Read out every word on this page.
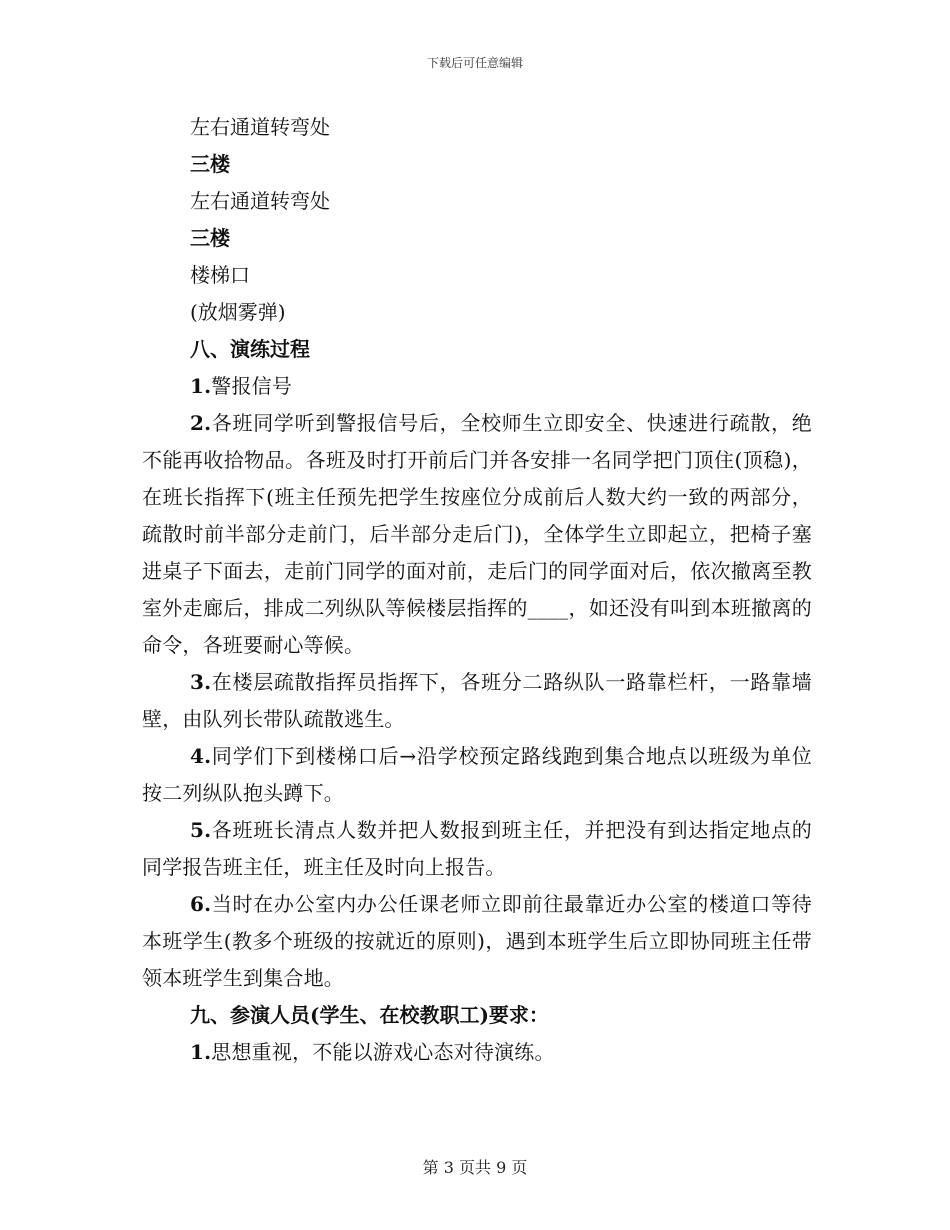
下载后可任意编辑

左右通道转弯处

三楼

左右通道转弯处

三楼

楼梯口

(放烟雾弹)

八、演练过程

1.警报信号

2.各班同学听到警报信号后，全校师生立即安全、快速进行疏散，绝不能再收拾物品。各班及时打开前后门并各安排一名同学把门顶住(顶稳)，在班长指挥下(班主任预先把学生按座位分成前后人数大约一致的两部分，疏散时前半部分走前门，后半部分走后门)，全体学生立即起立，把椅子塞进桌子下面去，走前门同学的面对前，走后门的同学面对后，依次撤离至教室外走廊后，排成二列纵队等候楼层指挥的____，如还没有叫到本班撤离的命令，各班要耐心等候。

3.在楼层疏散指挥员指挥下，各班分二路纵队一路靠栏杆，一路靠墙壁，由队列长带队疏散逃生。

4.同学们下到楼梯口后→沿学校预定路线跑到集合地点以班级为单位按二列纵队抱头蹲下。

5.各班班长清点人数并把人数报到班主任，并把没有到达指定地点的同学报告班主任，班主任及时向上报告。

6.当时在办公室内办公任课老师立即前往最靠近办公室的楼道口等待本班学生(教多个班级的按就近的原则)，遇到本班学生后立即协同班主任带领本班学生到集合地。

九、参演人员(学生、在校教职工)要求：

1.思想重视，不能以游戏心态对待演练。

第 3 页共 9 页
